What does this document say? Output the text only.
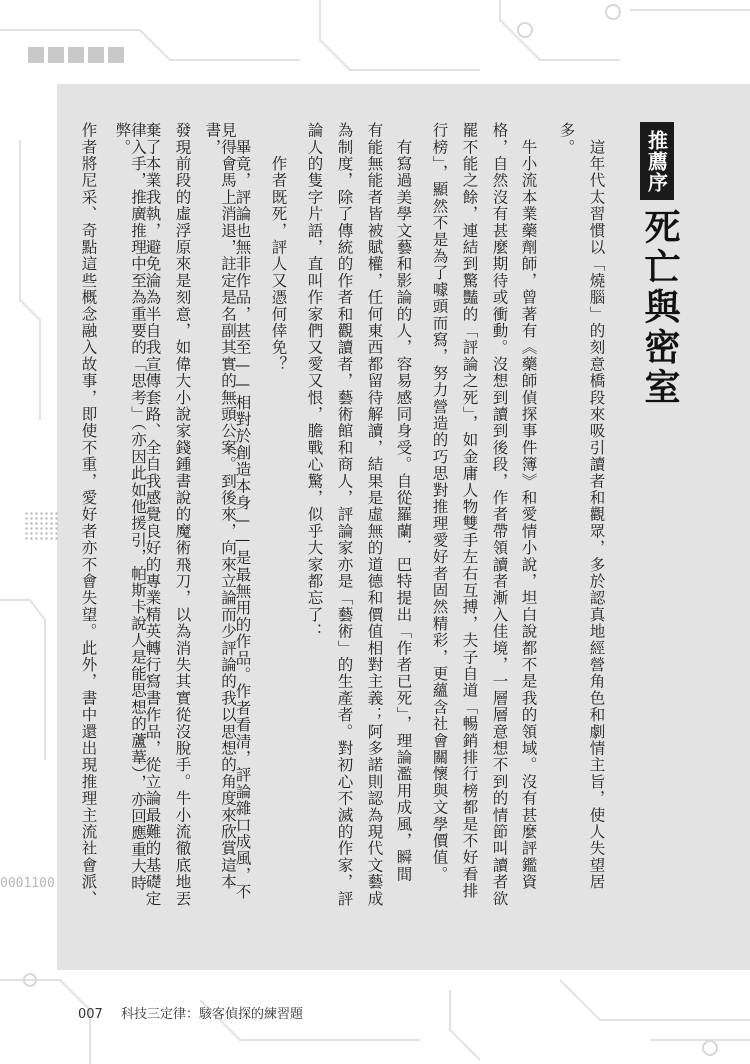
0001100
推薦序
死亡與密室
　這年代太習慣以「燒腦」的刻意橋段來吸引讀者和觀眾，多於認真地經營角色和劇情主旨，使人失望居
多。
　牛小流本業藥劑師，曾著有《藥師偵探事件簿》和愛情小說，坦白說都不是我的領域。沒有甚麼評鑑資
格，自然沒有甚麼期待或衝動。沒想到讀到後段，作者帶領讀者漸入佳境，一層層意想不到的情節叫讀者欲
罷不能之餘，連結到驚豔的「評論之死」，如金庸人物雙手左右互搏，夫子自道「暢銷排行榜都是不好看排
行榜」，顯然不是為了噱頭而寫，努力營造的巧思對推理愛好者固然精彩，更蘊含社會關懷與文學價值。
　有寫過美學文藝和影論的人，容易感同身受。自從羅蘭．巴特提出「作者已死」，理論濫用成風，瞬間
有能無能者皆被賦權，任何東西都留待解讀，結果是虛無的道德和價值相對主義；阿多諾則認為現代文藝成
為制度，除了傳統的作者和觀讀者，藝術館和商人，評論家亦是「藝術」的生產者。對初心不滅的作家，評
論人的隻字片語，直叫作家們又愛又恨，膽戰心驚，似乎大家都忘了：
　　作者既死，評人又憑何倖免？
　畢竟，評論也無非作品，甚至——相對於創造本身——是最無用的作品。作者看清，評論雜口成風，不
見得會馬上消退，註定是名副其實的無頭公案。到後來，向來立論而少評論的我以思想的角度來欣賞這本書，
發現前段的虛浮原來是刻意，如偉大小說家錢鍾書說的魔術飛刀，以為消失其實從沒脫手。牛小流徹底地丟
棄了本業我執，避免淪為半自我宣傳套路、全自我感覺良好的專業精英轉行寫書作品，從立論最難的基礎定
律入手，推廣推理中至為重要的「思考」（亦因此如他援引，帕斯卡說人是能思想的蘆葦），亦回應重大時弊。
作者將尼采、奇點這些概念融入故事，即使不重，愛好者亦不會失望。此外，書中還出現推理主流社會派、
007 科技三定律：駭客偵探的練習題
